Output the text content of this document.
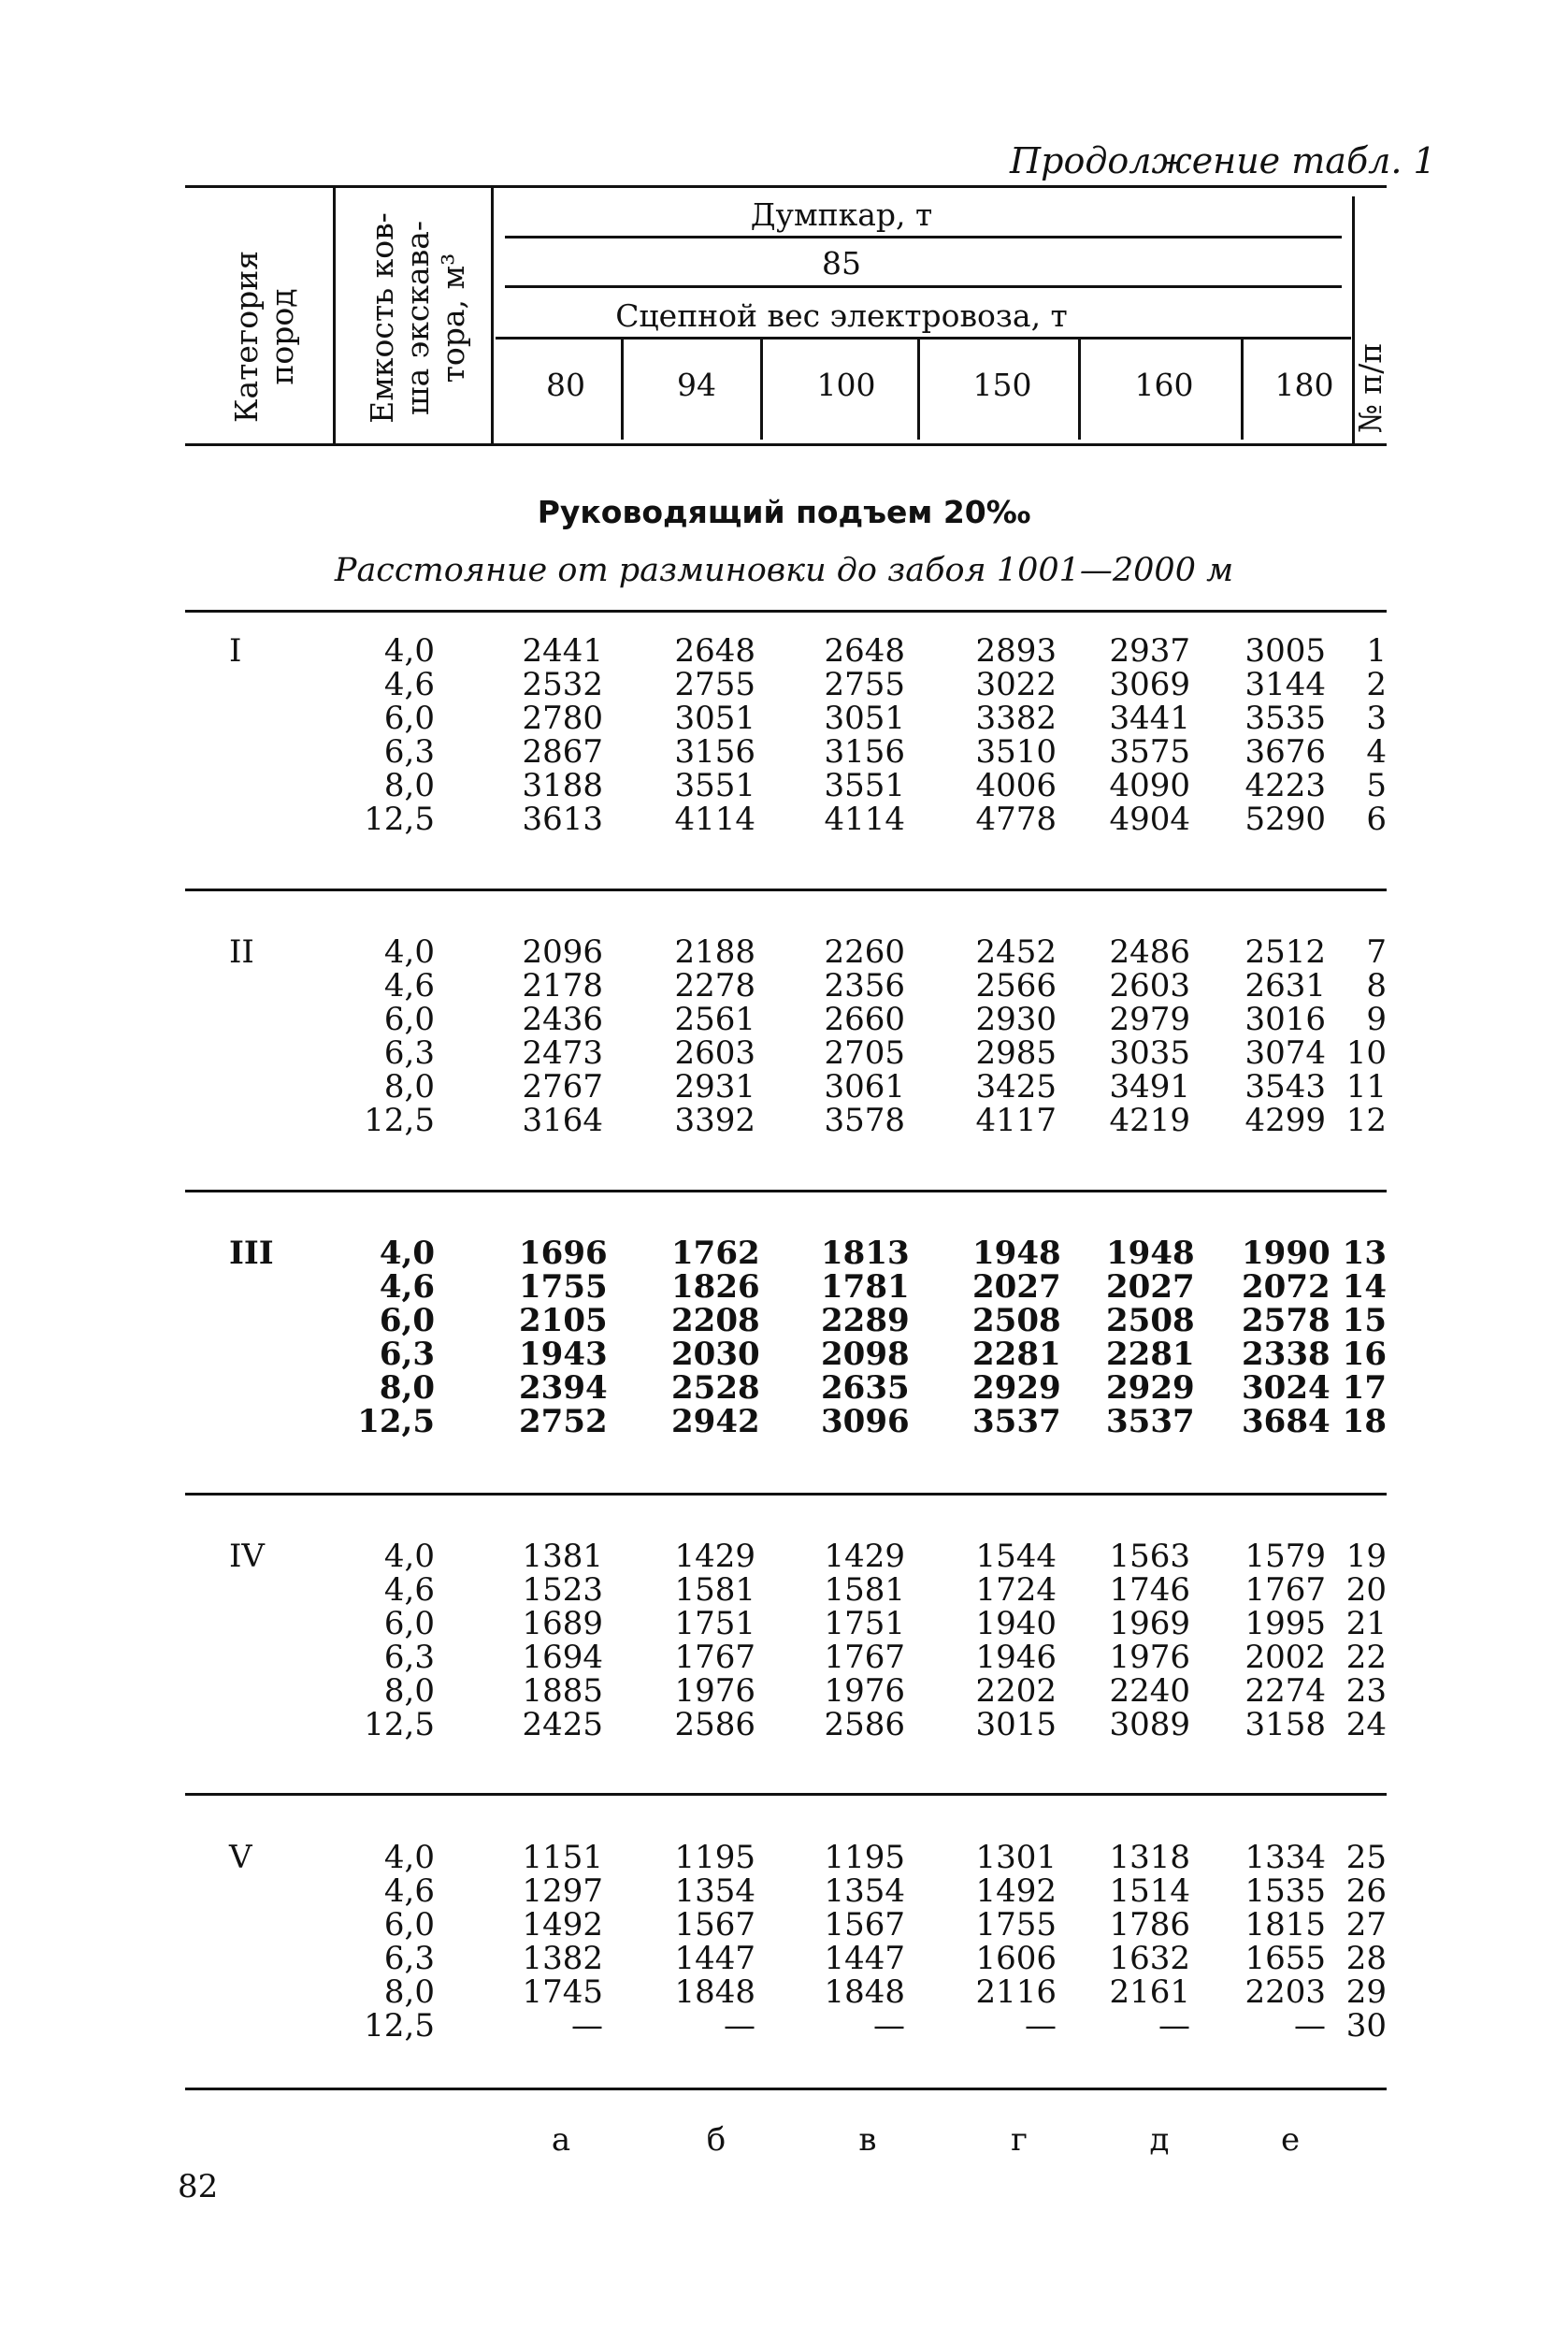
Продолжение табл. 1
Категория пород Емкость ков- ша экскава- тора, м³
№ п/п
Думпкар, т
85
Сцепной вес электровоза, т
80	94	100	150	160	180
Руководящий подъем 20‰
Расстояние от разминовки до забоя 1001—2000 м
I	4,0	2441 2648 2648 2893 2937 3005	1
4,6	2532 2755 2755 3022 3069 3144	2
6,0	2780 3051 3051 3382 3441 3535	3
6,3	2867 3156 3156 3510 3575 3676	4
8,0	3188 3551 3551 4006 4090 4223	5
12,5	3613 4114 4114 4778 4904 5290	6
II	4,0	2096 2188 2260 2452 2486 2512	7
4,6	2178 2278 2356 2566 2603 2631	8
6,0	2436 2561 2660 2930 2979 3016	9
6,3	2473 2603 2705 2985 3035 3074 10
8,0	2767 2931 3061 3425 3491 3543 11
12,5	3164 3392 3578 4117 4219 4299 12
III	4,0	1696 1762 1813 1948 1948 1990 13
4,6	1755 1826 1781 2027 2027 2072 14
6,0	2105 2208 2289 2508 2508 2578 15
6,3	1943 2030 2098 2281 2281 2338 16
8,0	2394 2528 2635 2929 2929 3024 17
12,5	2752 2942 3096 3537 3537 3684 18
IV	4,0	1381 1429 1429 1544 1563 1579 19
4,6	1523 1581 1581 1724 1746 1767 20
6,0	1689 1751 1751 1940 1969 1995 21
6,3	1694 1767 1767 1946 1976 2002 22
8,0	1885 1976 1976 2202 2240 2274 23
12,5	2425 2586 2586 3015 3089 3158 24
V	4,0	1151 1195 1195 1301 1318 1334 25
4,6	1297 1354 1354 1492 1514 1535 26
6,0	1492 1567 1567 1755 1786 1815 27
6,3	1382 1447 1447 1606 1632 1655 28
8,0	1745 1848 1848 2116 2161 2203 29
12,5	—	—	—	—	—	— 30
а	б	в	г	д	е
82
